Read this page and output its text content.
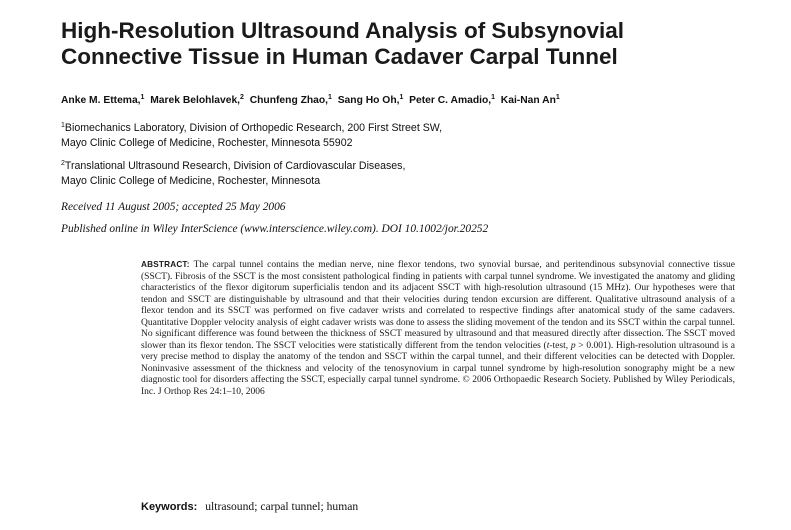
High-Resolution Ultrasound Analysis of Subsynovial
Connective Tissue in Human Cadaver Carpal Tunnel
Anke M. Ettema,$^1$ Marek Belohlavek,$^2$ Chunfeng Zhao,$^1$ Sang Ho Oh,$^1$ Peter C. Amadio,$^1$ Kai-Nan An$^1$
$^1$Biomechanics Laboratory, Division of Orthopedic Research, 200 First Street SW,
Mayo Clinic College of Medicine, Rochester, Minnesota 55902
$^2$Translational Ultrasound Research, Division of Cardiovascular Diseases,
Mayo Clinic College of Medicine, Rochester, Minnesota
Received 11 August 2005; accepted 25 May 2006
Published online in Wiley InterScience (www.interscience.wiley.com). DOI 10.1002/jor.20252

ABSTRACT: The carpal tunnel contains the median nerve, nine flexor tendons, two synovial bursae, and peritendinous subsynovial connective tissue (SSCT). Fibrosis of the SSCT is the most consistent pathological finding in patients with carpal tunnel syndrome. We investigated the anatomy and gliding characteristics of the flexor digitorum superficialis tendon and its adjacent SSCT with high-resolution ultrasound (15 MHz). Our hypotheses were that tendon and SSCT are distinguishable by ultrasound and that their velocities during tendon excursion are different. Qualitative ultrasound analysis of a flexor tendon and its SSCT was performed on five cadaver wrists and correlated to respective findings after anatomical study of the same cadavers. Quantitative Doppler velocity analysis of eight cadaver wrists was done to assess the sliding movement of the tendon and its SSCT within the carpal tunnel. No significant difference was found between the thickness of SSCT measured by ultrasound and that measured directly after dissection. The SSCT moved slower than its flexor tendon. The SSCT velocities were statistically different from the tendon velocities (t-test, p > 0.001). High-resolution ultrasound is a very precise method to display the anatomy of the tendon and SSCT within the carpal tunnel, and their different velocities can be detected with Doppler. Noninvasive assessment of the thickness and velocity of the tenosynovium in carpal tunnel syndrome by high-resolution sonography might be a new diagnostic tool for disorders affecting the SSCT, especially carpal tunnel syndrome. © 2006 Orthopaedic Research Society. Published by Wiley Periodicals, Inc. J Orthop Res 24:1–10, 2006

Keywords: ultrasound; carpal tunnel; human
